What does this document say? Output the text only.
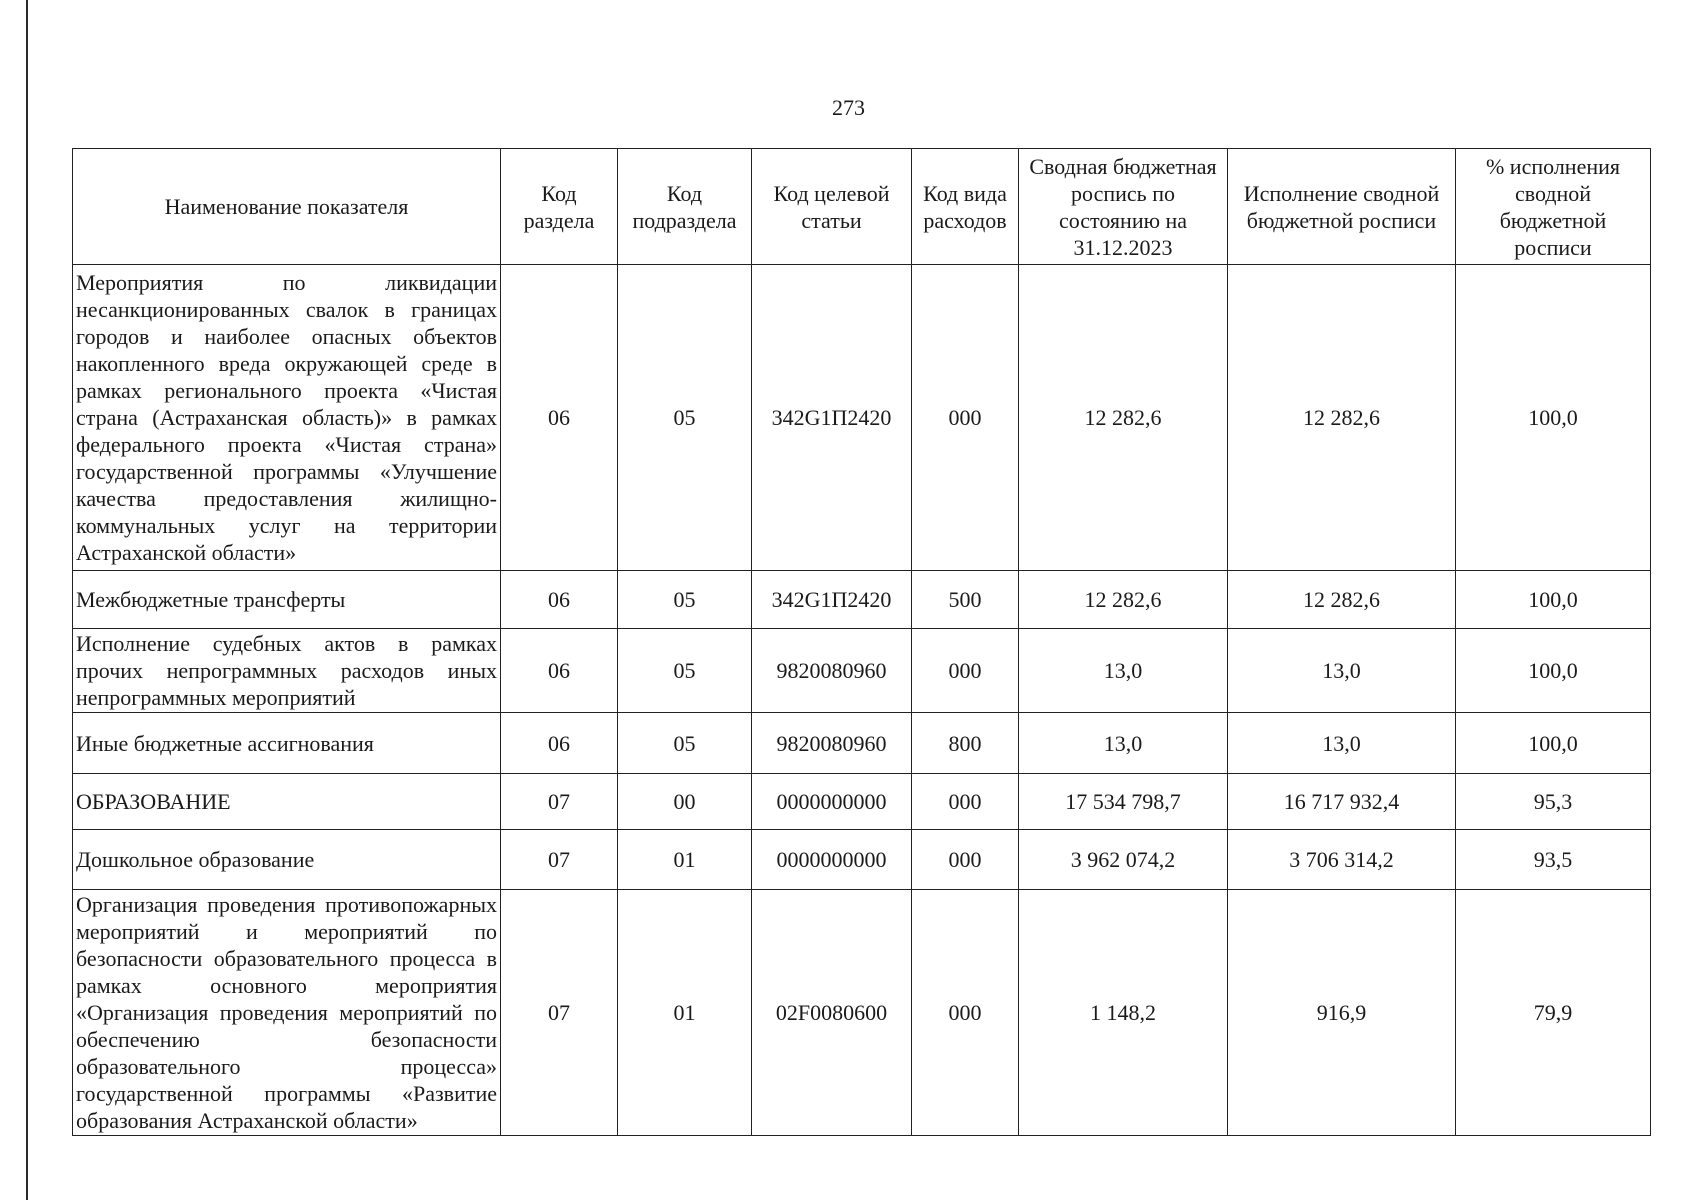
273
Наименование показателя	Код раздела	Код подраздела	Код целевой статьи	Код вида расходов	Сводная бюджетная роспись по состоянию на 31.12.2023	Исполнение сводной бюджетной росписи	% исполнения сводной бюджетной росписи
Мероприятия по ликвидации несанкционированных свалок в границах городов и наиболее опасных объектов накопленного вреда окружающей среде в рамках регионального проекта «Чистая страна (Астраханская область)» в рамках федерального проекта «Чистая страна» государственной программы «Улучшение качества предоставления жилищно-коммунальных услуг на территории Астраханской области»	06	05	342G1П2420	000	12 282,6	12 282,6	100,0
Межбюджетные трансферты	06	05	342G1П2420	500	12 282,6	12 282,6	100,0
Исполнение судебных актов в рамках прочих непрограммных расходов иных непрограммных мероприятий	06	05	9820080960	000	13,0	13,0	100,0
Иные бюджетные ассигнования	06	05	9820080960	800	13,0	13,0	100,0
ОБРАЗОВАНИЕ	07	00	0000000000	000	17 534 798,7	16 717 932,4	95,3
Дошкольное образование	07	01	0000000000	000	3 962 074,2	3 706 314,2	93,5
Организация проведения противопожарных мероприятий и мероприятий по безопасности образовательного процесса в рамках основного мероприятия «Организация проведения мероприятий по обеспечению безопасности образовательного процесса» государственной программы «Развитие образования Астраханской области»	07	01	02F0080600	000	1 148,2	916,9	79,9
